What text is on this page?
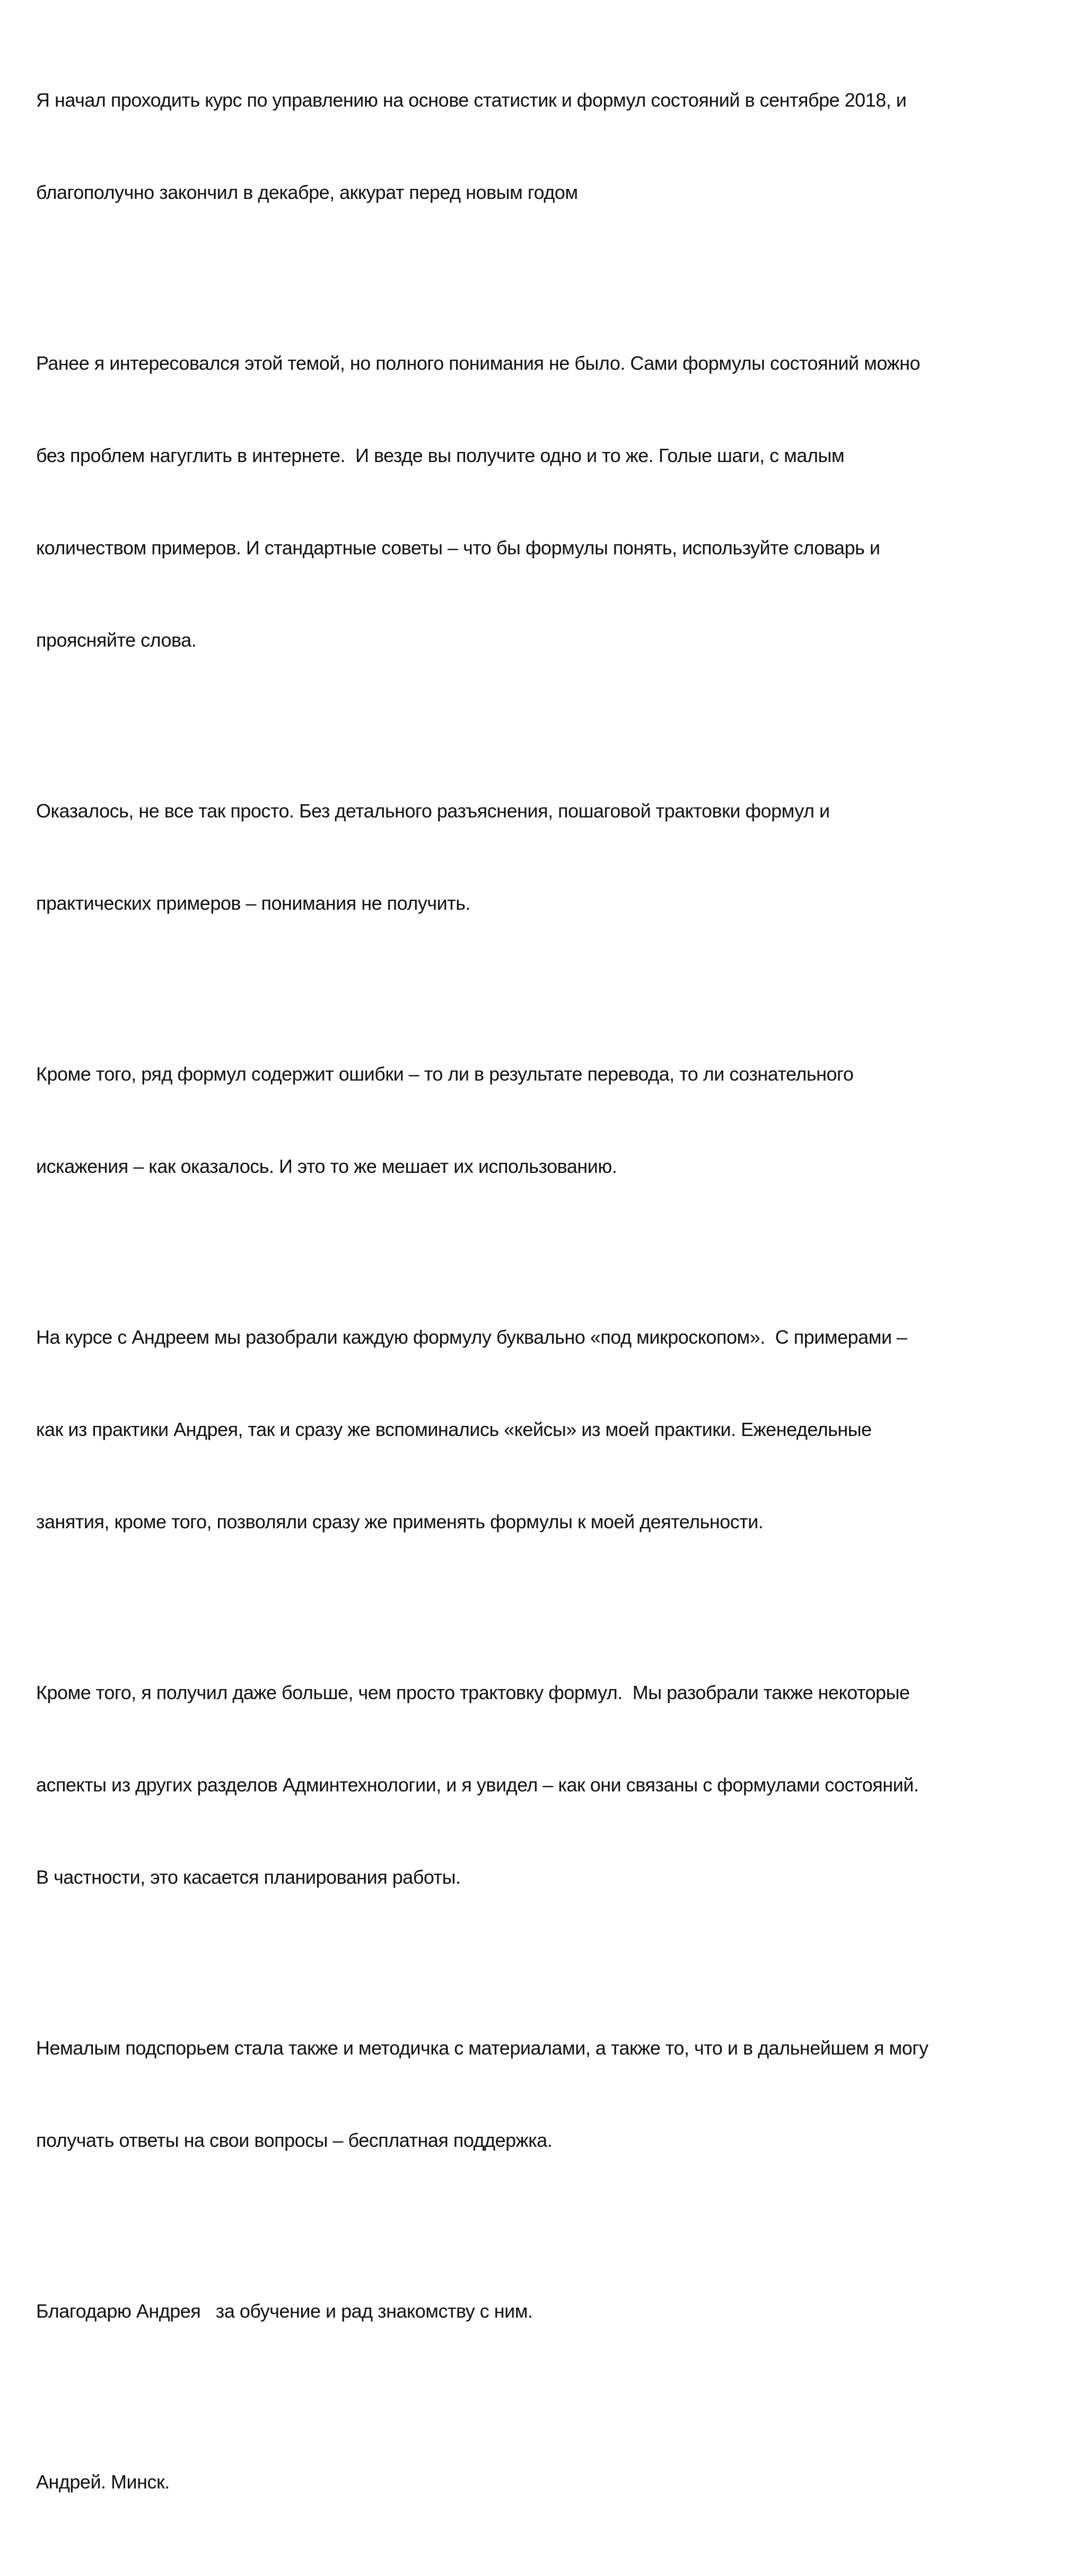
Я начал проходить курс по управлению на основе статистик и формул состояний в сентябре 2018, и

благополучно закончил в декабре, аккурат перед новым годом

Ранее я интересовался этой темой, но полного понимания не было. Сами формулы состояний можно

без проблем нагуглить в интернете.  И везде вы получите одно и то же. Голые шаги, с малым

количеством примеров. И стандартные советы – что бы формулы понять, используйте словарь и

проясняйте слова.

Оказалось, не все так просто. Без детального разъяснения, пошаговой трактовки формул и

практических примеров – понимания не получить.

Кроме того, ряд формул содержит ошибки – то ли в результате перевода, то ли сознательного

искажения – как оказалось. И это то же мешает их использованию.

На курсе с Андреем мы разобрали каждую формулу буквально «под микроскопом».  С примерами –

как из практики Андрея, так и сразу же вспоминались «кейсы» из моей практики. Еженедельные

занятия, кроме того, позволяли сразу же применять формулы к моей деятельности.

Кроме того, я получил даже больше, чем просто трактовку формул.  Мы разобрали также некоторые

аспекты из других разделов Админтехнологии, и я увидел – как они связаны с формулами состояний.

В частности, это касается планирования работы.

Немалым подспорьем стала также и методичка с материалами, а также то, что и в дальнейшем я могу

получать ответы на свои вопросы – бесплатная поддержка.

Благодарю Андрея   за обучение и рад знакомству с ним.

Андрей. Минск.
